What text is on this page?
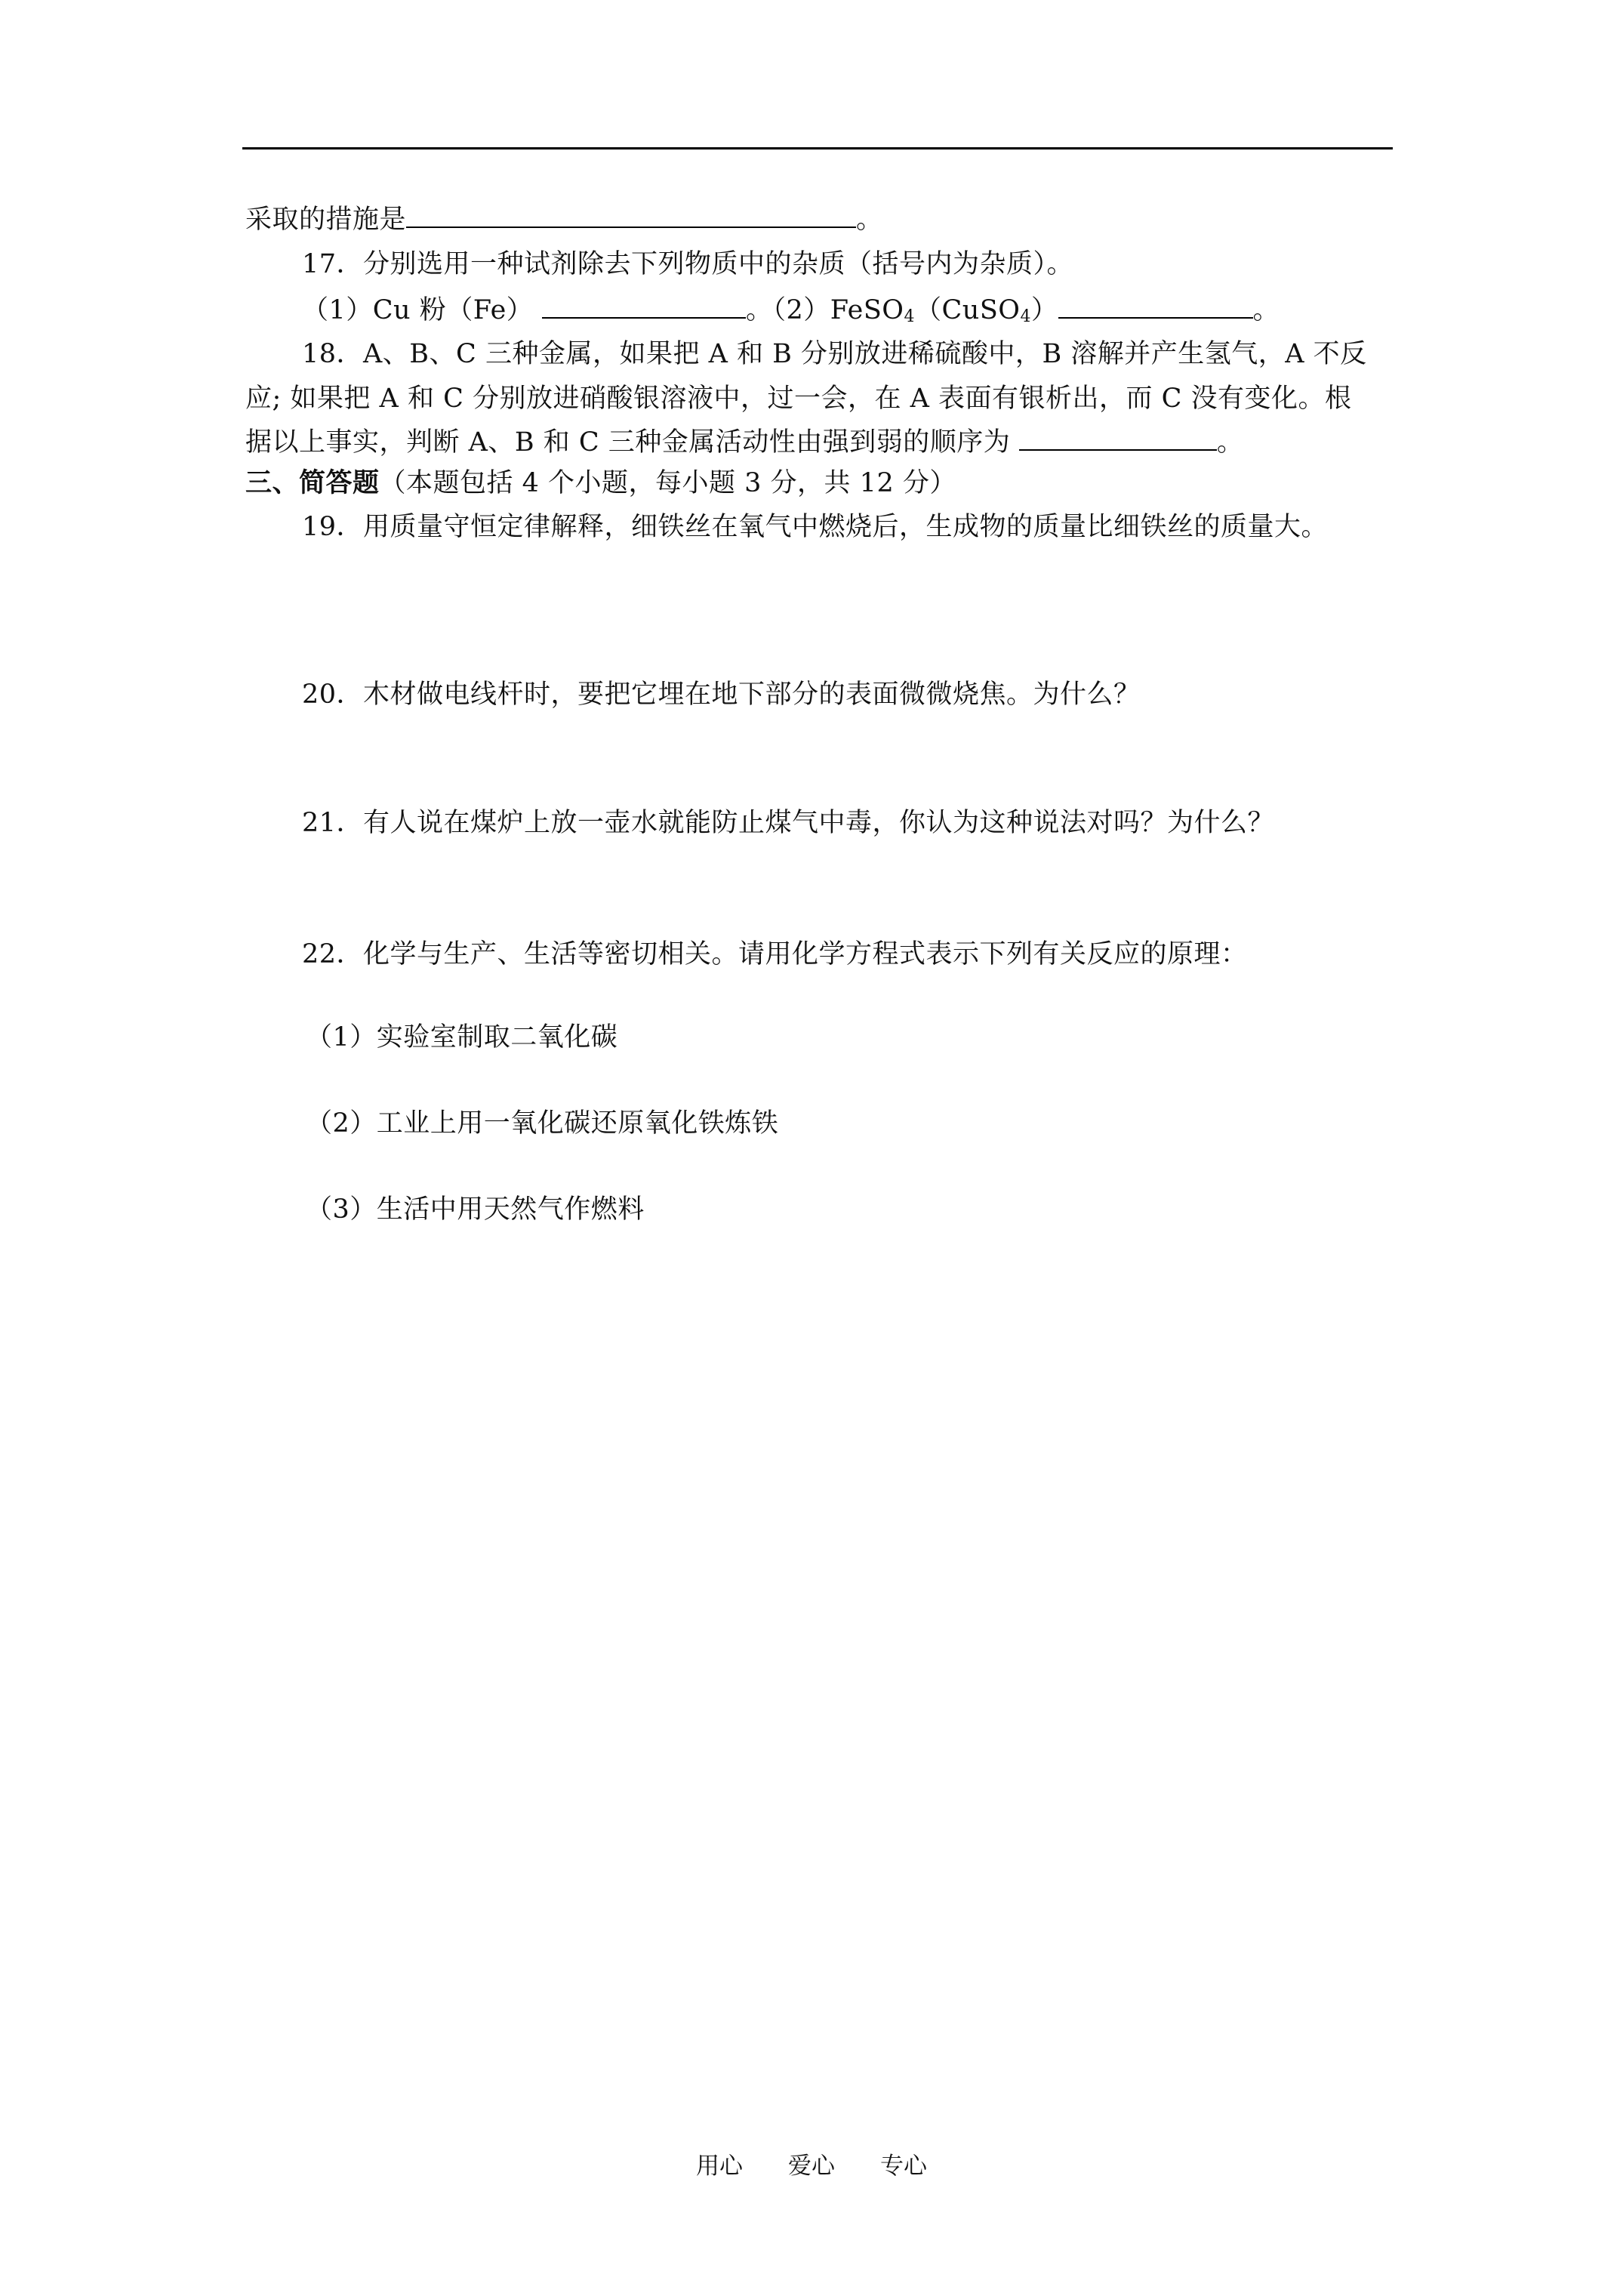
采取的措施是	。
17．分别选用一种试剂除去下列物质中的杂质（括号内为杂质）。
（1）Cu 粉（Fe）	。（2）FeSO$_4$（CuSO$_4$）	。
18．A、B、C 三种金属，如果把 A 和 B 分别放进稀硫酸中，B 溶解并产生氢气，A 不反
应; 如果把 A 和 C 分别放进硝酸银溶液中，过一会，在 A 表面有银析出，而 C 没有变化。根
据以上事实，判断 A、B 和 C 三种金属活动性由强到弱的顺序为	。
三、简答题（本题包括 4 个小题，每小题 3 分，共 12 分）
19．用质量守恒定律解释，细铁丝在氧气中燃烧后，生成物的质量比细铁丝的质量大。
20．木材做电线杆时，要把它埋在地下部分的表面微微烧焦。为什么？
21．有人说在煤炉上放一壶水就能防止煤气中毒，你认为这种说法对吗？为什么？
22．化学与生产、生活等密切相关。请用化学方程式表示下列有关反应的原理：
（1）实验室制取二氧化碳
（2）工业上用一氧化碳还原氧化铁炼铁
（3）生活中用天然气作燃料
用心 爱心 专心
